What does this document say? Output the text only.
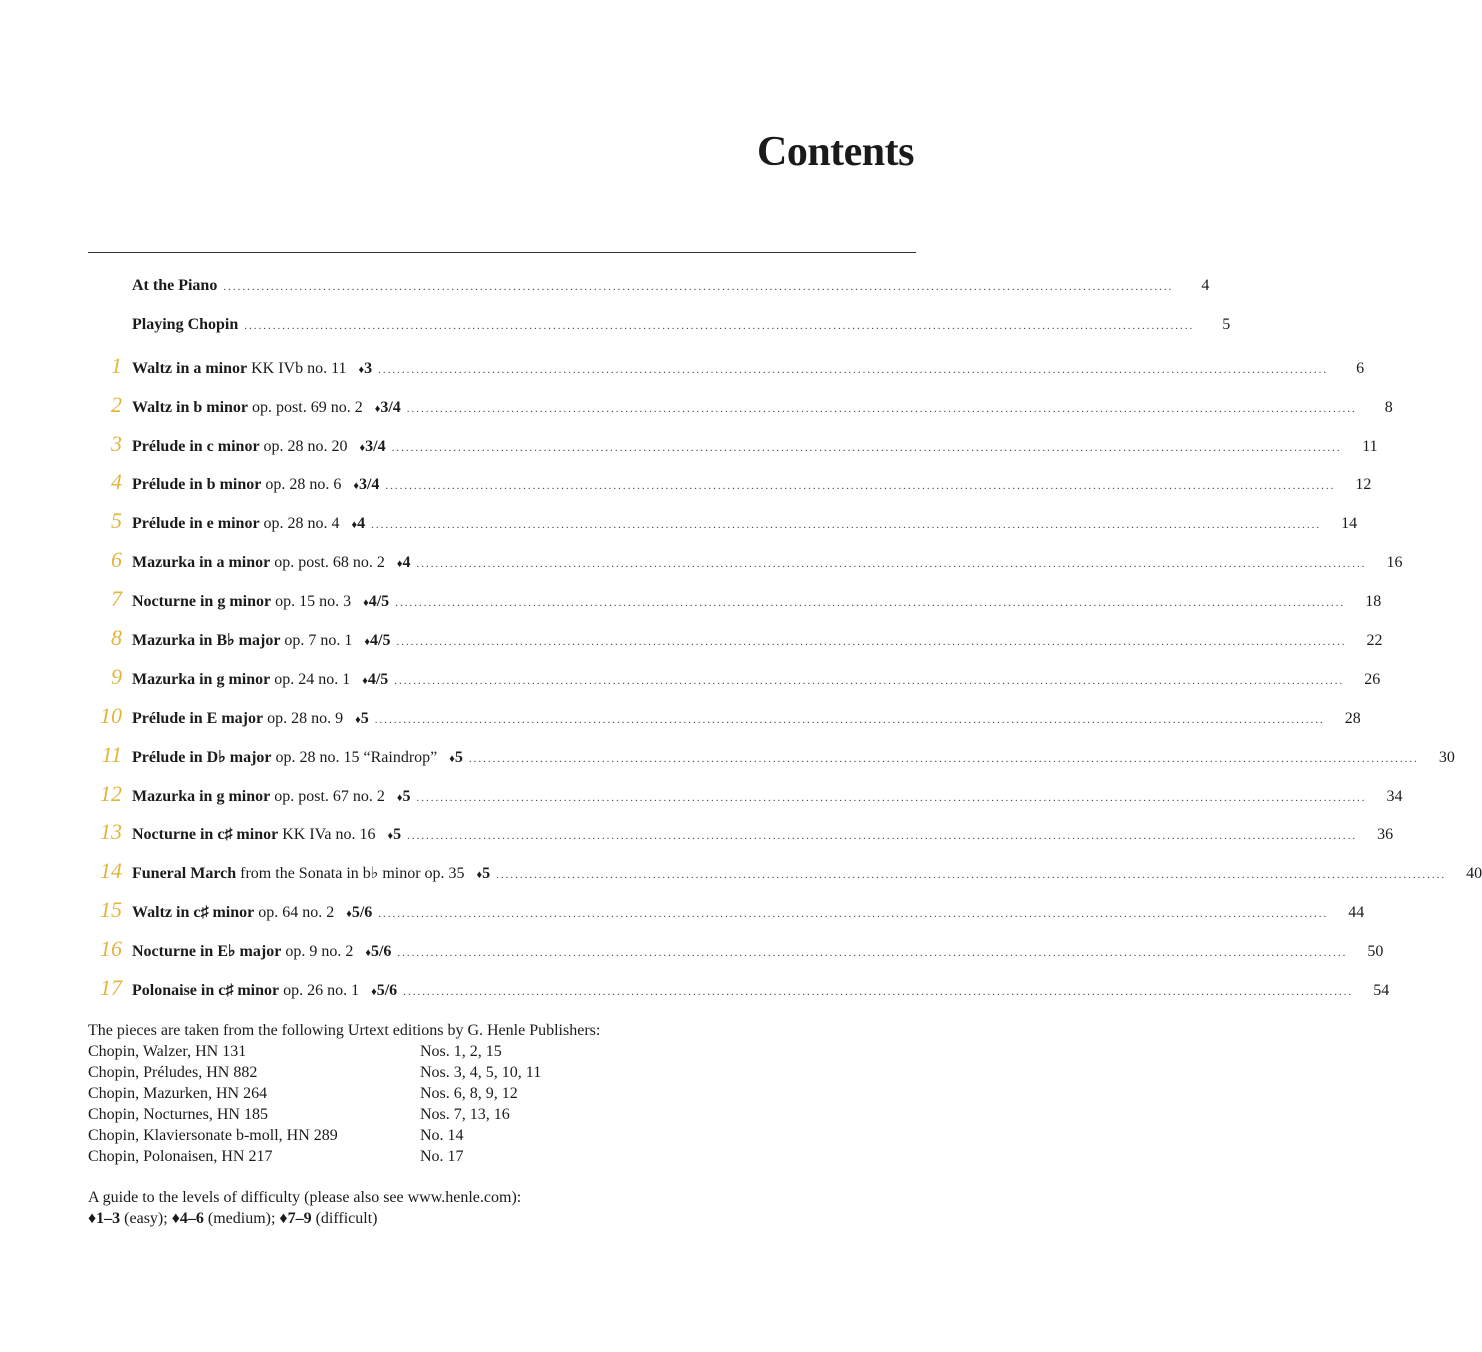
Contents
At the Piano ........................................................................................................................................................................................................	4
Playing Chopin ........................................................................................................................................................................................................	5
1 Waltz in a minor KK IVb no. 11 ♦3 ........................................................................................................................................................................................................	6
2 Waltz in b minor op. post. 69 no. 2 ♦3/4 ........................................................................................................................................................................................................	8
3 Prélude in c minor op. 28 no. 20 ♦3/4 ........................................................................................................................................................................................................	11
4 Prélude in b minor op. 28 no. 6 ♦3/4 ........................................................................................................................................................................................................	12
5 Prélude in e minor op. 28 no. 4 ♦4 ........................................................................................................................................................................................................	14
6 Mazurka in a minor op. post. 68 no. 2 ♦4 ........................................................................................................................................................................................................	16
7 Nocturne in g minor op. 15 no. 3 ♦4/5 ........................................................................................................................................................................................................	18
8 Mazurka in B♭ major op. 7 no. 1 ♦4/5 ........................................................................................................................................................................................................	22
9 Mazurka in g minor op. 24 no. 1 ♦4/5 ........................................................................................................................................................................................................	26
10 Prélude in E major op. 28 no. 9 ♦5 ........................................................................................................................................................................................................	28
11 Prélude in D♭ major op. 28 no. 15 “Raindrop” ♦5 ........................................................................................................................................................................................................	30
12 Mazurka in g minor op. post. 67 no. 2 ♦5 ........................................................................................................................................................................................................	34
13 Nocturne in c♯ minor KK IVa no. 16 ♦5 ........................................................................................................................................................................................................	36
14 Funeral March from the Sonata in b♭ minor op. 35 ♦5 ........................................................................................................................................................................................................	40
15 Waltz in c♯ minor op. 64 no. 2 ♦5/6 ........................................................................................................................................................................................................	44
16 Nocturne in E♭ major op. 9 no. 2 ♦5/6 ........................................................................................................................................................................................................	50
17 Polonaise in c♯ minor op. 26 no. 1 ♦5/6 ........................................................................................................................................................................................................	54
The pieces are taken from the following Urtext editions by G. Henle Publishers:
Chopin, Walzer, HN 131	Nos. 1, 2, 15
Chopin, Préludes, HN 882	Nos. 3, 4, 5, 10, 11
Chopin, Mazurken, HN 264	Nos. 6, 8, 9, 12
Chopin, Nocturnes, HN 185	Nos. 7, 13, 16
Chopin, Klaviersonate b-moll, HN 289	No. 14
Chopin, Polonaisen, HN 217	No. 17
A guide to the levels of difficulty (please also see www.henle.com):
♦1–3 (easy); ♦4–6 (medium); ♦7–9 (difficult)
